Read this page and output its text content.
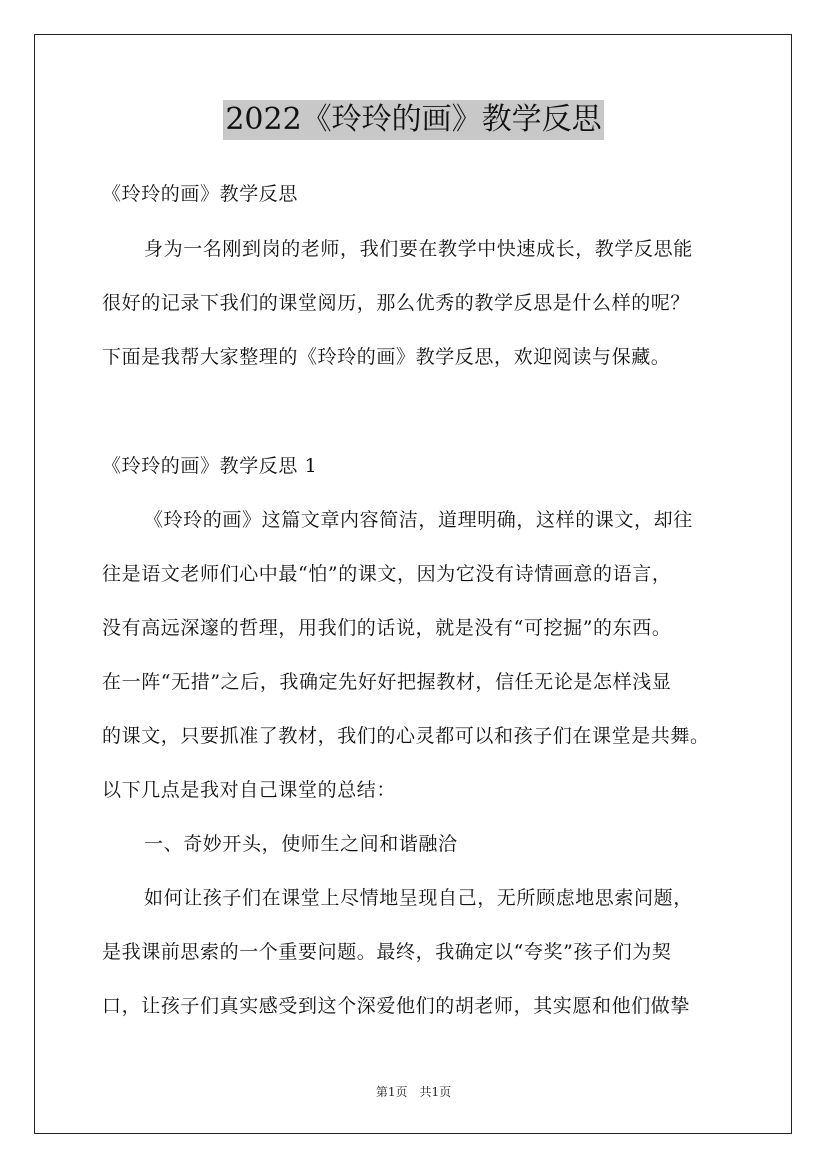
2022《玲玲的画》教学反思
《玲玲的画》教学反思
身为一名刚到岗的老师，我们要在教学中快速成长，教学反思能
很好的记录下我们的课堂阅历，那么优秀的教学反思是什么样的呢？
下面是我帮大家整理的《玲玲的画》教学反思，欢迎阅读与保藏。
《玲玲的画》教学反思 1
《玲玲的画》这篇文章内容简洁，道理明确，这样的课文，却往
往是语文老师们心中最“怕”的课文，因为它没有诗情画意的语言，
没有高远深邃的哲理，用我们的话说，就是没有“可挖掘”的东西。
在一阵“无措”之后，我确定先好好把握教材，信任无论是怎样浅显
的课文，只要抓准了教材，我们的心灵都可以和孩子们在课堂是共舞。
以下几点是我对自己课堂的总结：
一、奇妙开头，使师生之间和谐融洽
如何让孩子们在课堂上尽情地呈现自己，无所顾虑地思索问题，
是我课前思索的一个重要问题。最终，我确定以“夸奖”孩子们为契
口，让孩子们真实感受到这个深爱他们的胡老师，其实愿和他们做挚
第1页　共1页
